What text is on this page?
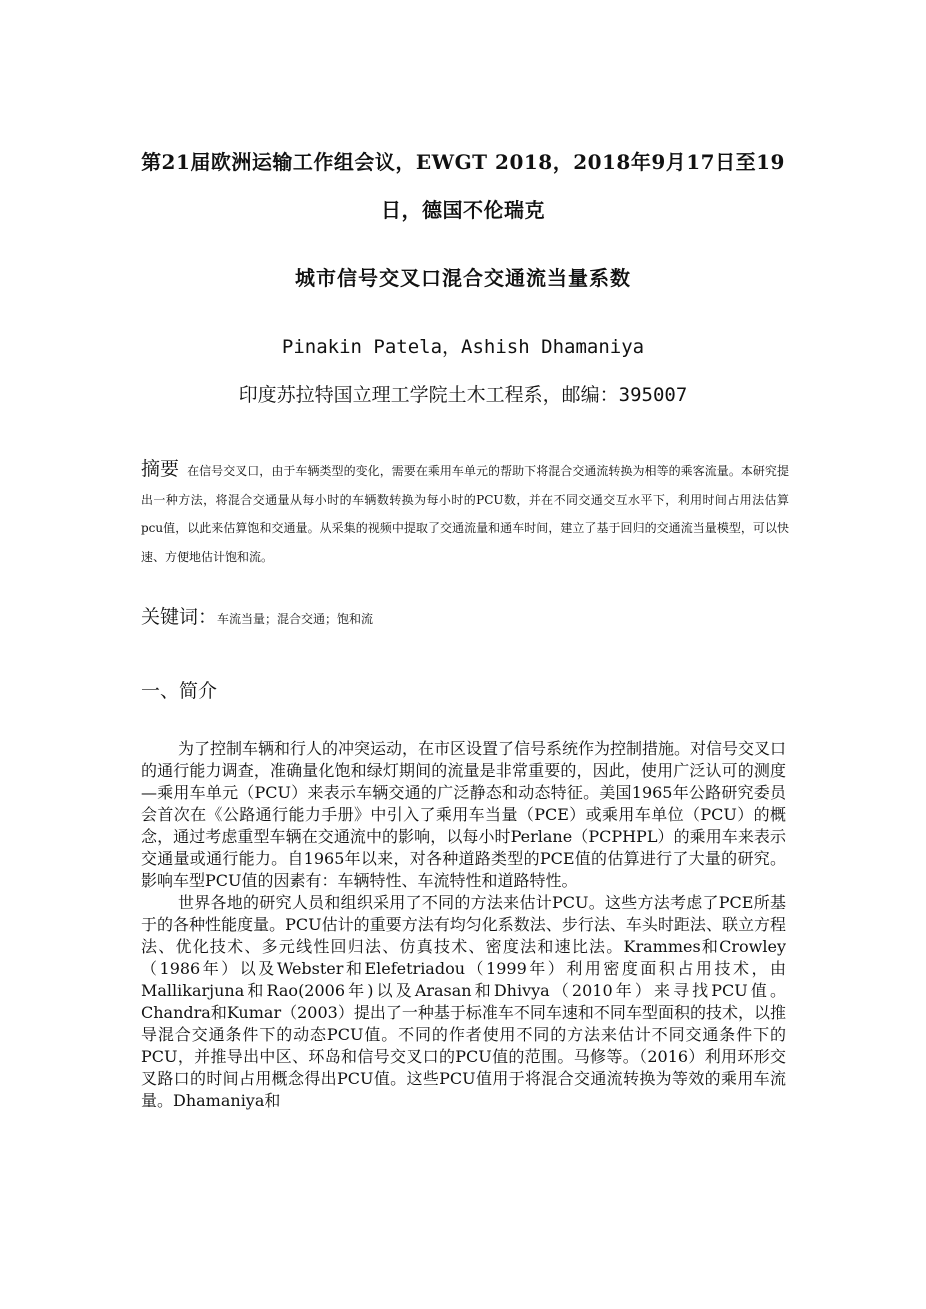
第21届欧洲运输工作组会议，EWGT 2018，2018年9月17日至19
日，德国不伦瑞克
城市信号交叉口混合交通流当量系数
Pinakin Patela，Ashish Dhamaniya
印度苏拉特国立理工学院土木工程系，邮编：395007
摘要 在信号交叉口，由于车辆类型的变化，需要在乘用车单元的帮助下将混合交通流转换为相等的乘客流量。本研究提出一种方法，将混合交通量从每小时的车辆数转换为每小时的PCU数，并在不同交通交互水平下，利用时间占用法估算pcu值，以此来估算饱和交通量。从采集的视频中提取了交通流量和通车时间，建立了基于回归的交通流当量模型，可以快速、方便地估计饱和流。
关键词：车流当量；混合交通；饱和流
一、简介

为了控制车辆和行人的冲突运动，在市区设置了信号系统作为控制措施。对信号交叉口的通行能力调查，准确量化饱和绿灯期间的流量是非常重要的，因此，使用广泛认可的测度—乘用车单元（PCU）来表示车辆交通的广泛静态和动态特征。美国1965年公路研究委员会首次在《公路通行能力手册》中引入了乘用车当量（PCE）或乘用车单位（PCU）的概念，通过考虑重型车辆在交通流中的影响，以每小时Perlane（PCPHPL）的乘用车来表示交通量或通行能力。自1965年以来，对各种道路类型的PCE值的估算进行了大量的研究。影响车型PCU值的因素有：车辆特性、车流特性和道路特性。

世界各地的研究人员和组织采用了不同的方法来估计PCU。这些方法考虑了PCE所基于的各种性能度量。PCU估计的重要方法有均匀化系数法、步行法、车头时距法、联立方程法、优化技术、多元线性回归法、仿真技术、密度法和速比法。Krammes和Crowley（1986年）以及Webster和Elefetriadou（1999年）利用密度面积占用技术，由Mallikarjuna和Rao(2006年)以及Arasan和Dhivya（2010年）来寻找PCU值。Chandra和Kumar（2003）提出了一种基于标准车不同车速和不同车型面积的技术，以推导混合交通条件下的动态PCU值。不同的作者使用不同的方法来估计不同交通条件下的PCU，并推导出中区、环岛和信号交叉口的PCU值的范围。马修等。（2016）利用环形交叉路口的时间占用概念得出PCU值。这些PCU值用于将混合交通流转换为等效的乘用车流量。Dhamaniya和
